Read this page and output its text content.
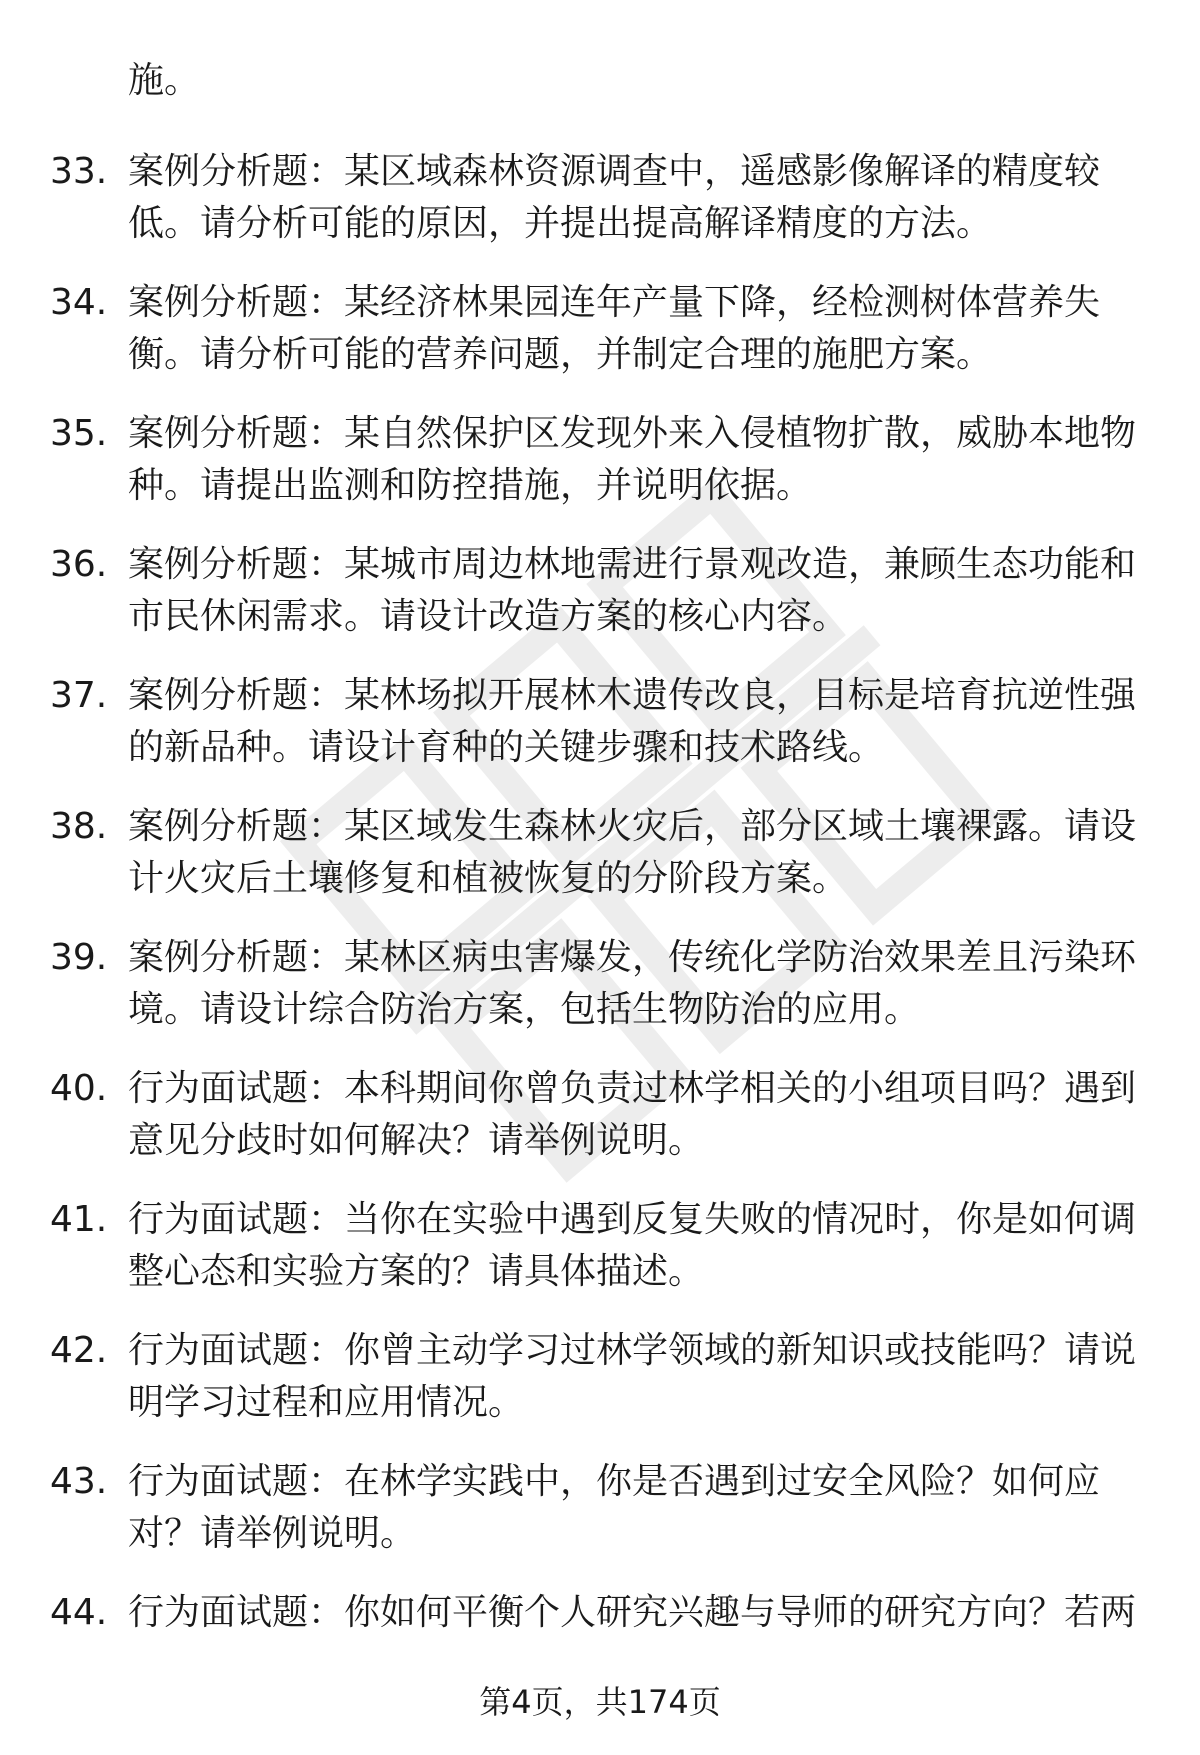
施。

33. 案例分析题：某区域森林资源调查中，遥感影像解译的精度较
低。请分析可能的原因，并提出提高解译精度的方法。
34. 案例分析题：某经济林果园连年产量下降，经检测树体营养失
衡。请分析可能的营养问题，并制定合理的施肥方案。
35. 案例分析题：某自然保护区发现外来入侵植物扩散，威胁本地物
种。请提出监测和防控措施，并说明依据。
36. 案例分析题：某城市周边林地需进行景观改造，兼顾生态功能和
市民休闲需求。请设计改造方案的核心内容。
37. 案例分析题：某林场拟开展林木遗传改良，目标是培育抗逆性强
的新品种。请设计育种的关键步骤和技术路线。
38. 案例分析题：某区域发生森林火灾后，部分区域土壤裸露。请设
计火灾后土壤修复和植被恢复的分阶段方案。
39. 案例分析题：某林区病虫害爆发，传统化学防治效果差且污染环
境。请设计综合防治方案，包括生物防治的应用。
40. 行为面试题：本科期间你曾负责过林学相关的小组项目吗？遇到
意见分歧时如何解决？请举例说明。
41. 行为面试题：当你在实验中遇到反复失败的情况时，你是如何调
整心态和实验方案的？请具体描述。
42. 行为面试题：你曾主动学习过林学领域的新知识或技能吗？请说
明学习过程和应用情况。
43. 行为面试题：在林学实践中，你是否遇到过安全风险？如何应
对？请举例说明。
44. 行为面试题：你如何平衡个人研究兴趣与导师的研究方向？若两
第4页，共174页
